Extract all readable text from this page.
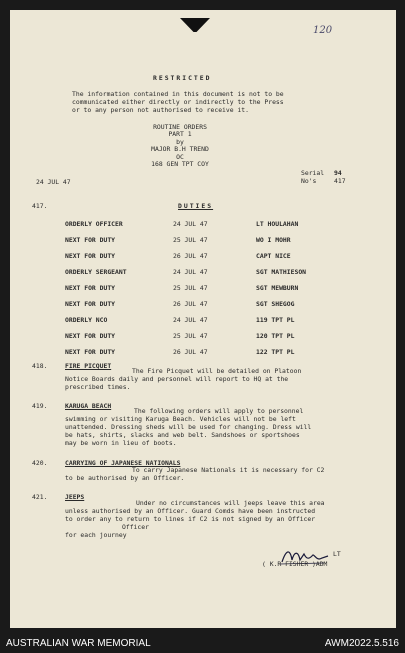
120
RESTRICTED
The information contained in this document is not to be
communicated either directly or indirectly to the Press
or to any person not authorised to receive it.
ROUTINE ORDERS
PART 1
by
MAJOR B.H TREND
OC
168 GEN TPT COY
24 JUL 47
Serial 94
No's	417
417.	DUTIES
ORDERLY OFFICER	24 JUL 47	LT HOULAHAN
NEXT FOR DUTY	25 JUL 47	WO I MOHR
NEXT FOR DUTY	26 JUL 47	CAPT NICE
ORDERLY SERGEANT	24 JUL 47	SGT MATHIESON
NEXT FOR DUTY	25 JUL 47	SGT MEWBURN
NEXT FOR DUTY	26 JUL 47	SGT SHEGOG
ORDERLY NCO	24 JUL 47	119 TPT PL
NEXT FOR DUTY	25 JUL 47	120 TPT PL
NEXT FOR DUTY	26 JUL 47	122 TPT PL
418.	FIRE PICQUET
The Fire Picquet will be detailed on Platoon
Notice Boards daily and personnel will report to HQ at the
prescribed times.
419.	KARUGA BEACH
The following orders will apply to personnel
swimming or visiting Karuga Beach. Vehicles will not be left
unattended. Dressing sheds will be used for changing. Dress will
be hats, shirts, slacks and web belt. Sandshoes or sportshoes
may be worn in lieu of boots.
420.	CARRYING OF JAPANESE NATIONALS
To carry Japanese Nationals it is necessary for C2
to be authorised by an Officer.
421.	JEEPS
Under no circumstances will jeeps leave this area
unless authorised by an Officer. Guard Comds have been instructed
to order any to return to lines if C2 is not signed by an Officer
Officer
for each journey
LT
( K.R FISHER )ADM
AUSTRALIAN WAR MEMORIAL	AWM2022.5.516
